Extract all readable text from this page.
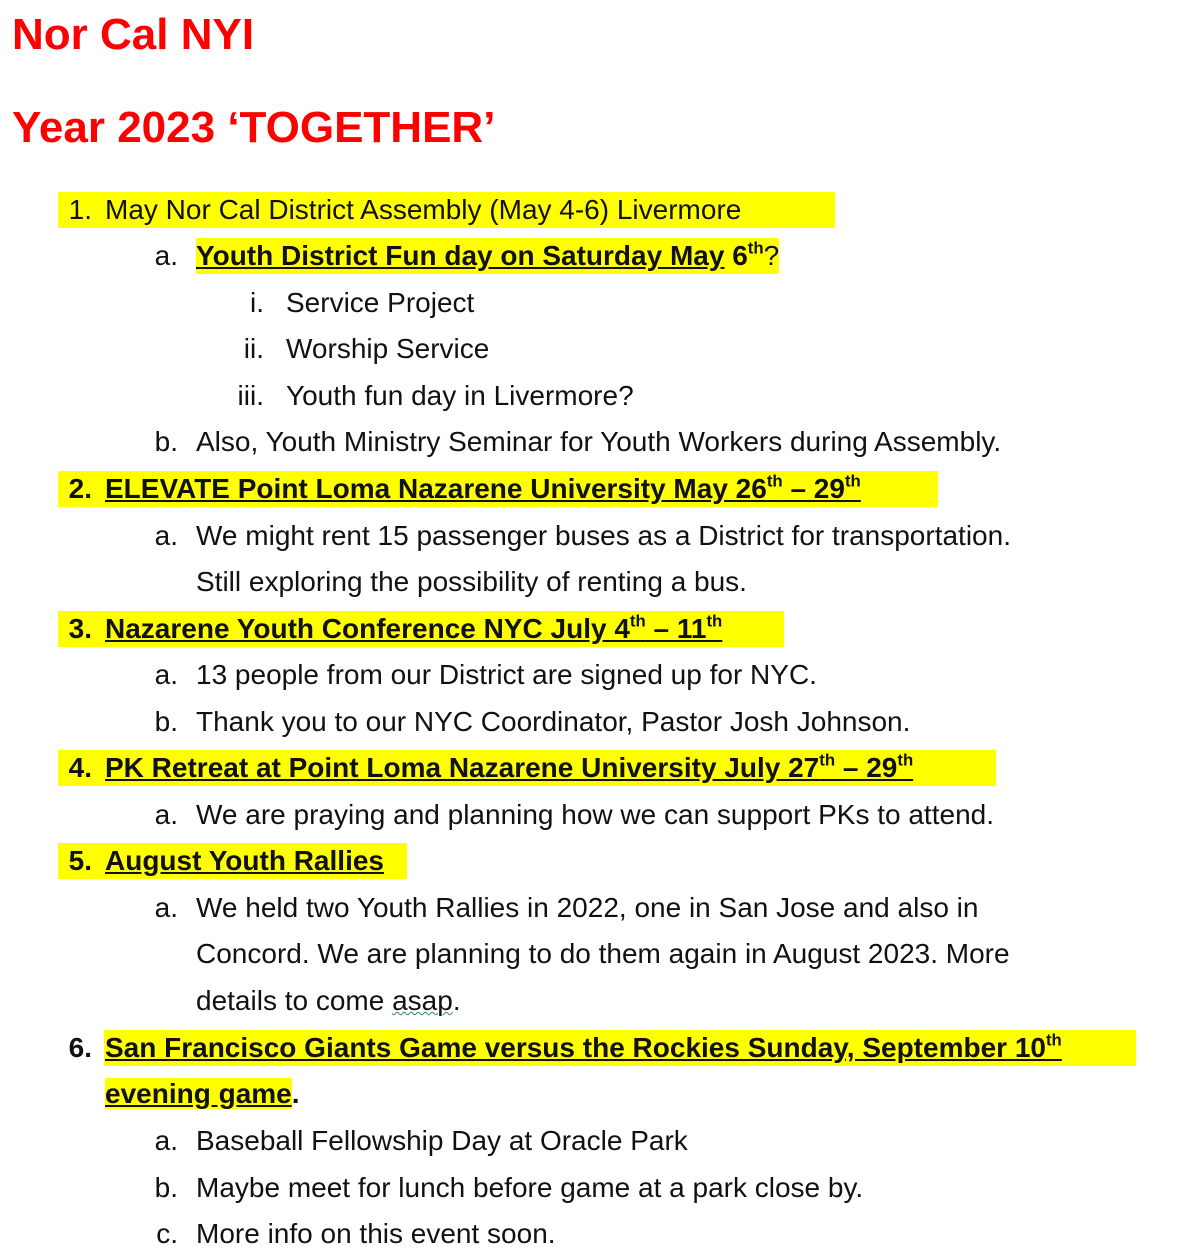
Nor Cal NYI
Year 2023 ‘TOGETHER’
1. May Nor Cal District Assembly (May 4-6) Livermore
a. Youth District Fun day on Saturday May 6th?
i. Service Project
ii. Worship Service
iii. Youth fun day in Livermore?
b. Also, Youth Ministry Seminar for Youth Workers during Assembly.
2. ELEVATE Point Loma Nazarene University May 26th – 29th
a. We might rent 15 passenger buses as a District for transportation.
Still exploring the possibility of renting a bus.
3. Nazarene Youth Conference NYC July 4th – 11th
a. 13 people from our District are signed up for NYC.
b. Thank you to our NYC Coordinator, Pastor Josh Johnson.
4. PK Retreat at Point Loma Nazarene University July 27th – 29th
a. We are praying and planning how we can support PKs to attend.
5. August Youth Rallies
a. We held two Youth Rallies in 2022, one in San Jose and also in
Concord. We are planning to do them again in August 2023. More
details to come asap.
6. San Francisco Giants Game versus the Rockies Sunday, September 10th
evening game.
a. Baseball Fellowship Day at Oracle Park
b. Maybe meet for lunch before game at a park close by.
c. More info on this event soon.
